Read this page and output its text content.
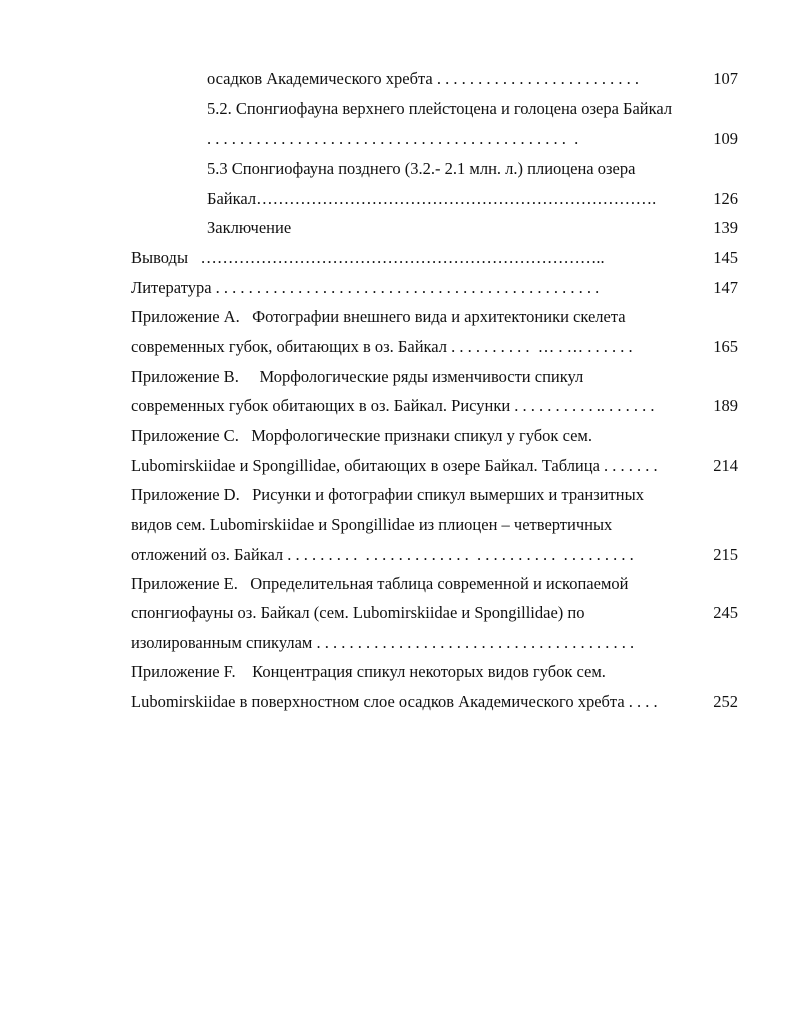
осадков Академического хребта . . . . . . . . . . . . . . . . . . . . . . . . .	107
5.2. Спонгиофауна верхнего плейстоцена и голоцена озера Байкал
. . . . . . . . . . . . . . . . . . . . . . . . . . . . . . . . . . . . . . . . . . . .  .	109
5.3 Спонгиофауна позднего (3.2.- 2.1 млн. л.) плиоцена озера
Байкал……………………………………………………………….	126
Заключение	139
Выводы   ………………………………………………………………..	145
Литература . . . . . . . . . . . . . . . . . . . . . . . . . . . . . . . . . . . . . . . . . . . . . . .	147
Приложение А.   Фотографии внешнего вида и архитектоники скелета
современных губок, обитающих в оз. Байкал . . . . . . . . . .  … . … . . . . . .	165
Приложение В.     Морфологические ряды изменчивости спикул
современных губок обитающих в оз. Байкал. Рисунки . . . . . . . . . . .. . . . . . .	189
Приложение С.   Морфологические признаки спикул у губок сем.
Lubomirskiidae и Spongillidae, обитающих в озере Байкал. Таблица . . . . . . .	214
Приложение D.   Рисунки и фотографии спикул вымерших и транзитных
видов сем. Lubomirskiidae и Spongillidae из плиоцен – четвертичных
отложений оз. Байкал . . . . . . . . .  . . . . . . . . . . . . .  . . . . . . . . . .  . . . . . . . . .	215
Приложение Е.   Определительная таблица современной и ископаемой
спонгиофауны оз. Байкал (сем. Lubomirskiidae и Spongillidae) по	245
изолированным спикулам . . . . . . . . . . . . . . . . . . . . . . . . . . . . . . . . . . . . . . .
Приложение F.    Концентрация спикул некоторых видов губок сем.
Lubomirskiidae в поверхностном слое осадков Академического хребта . . . .	252
